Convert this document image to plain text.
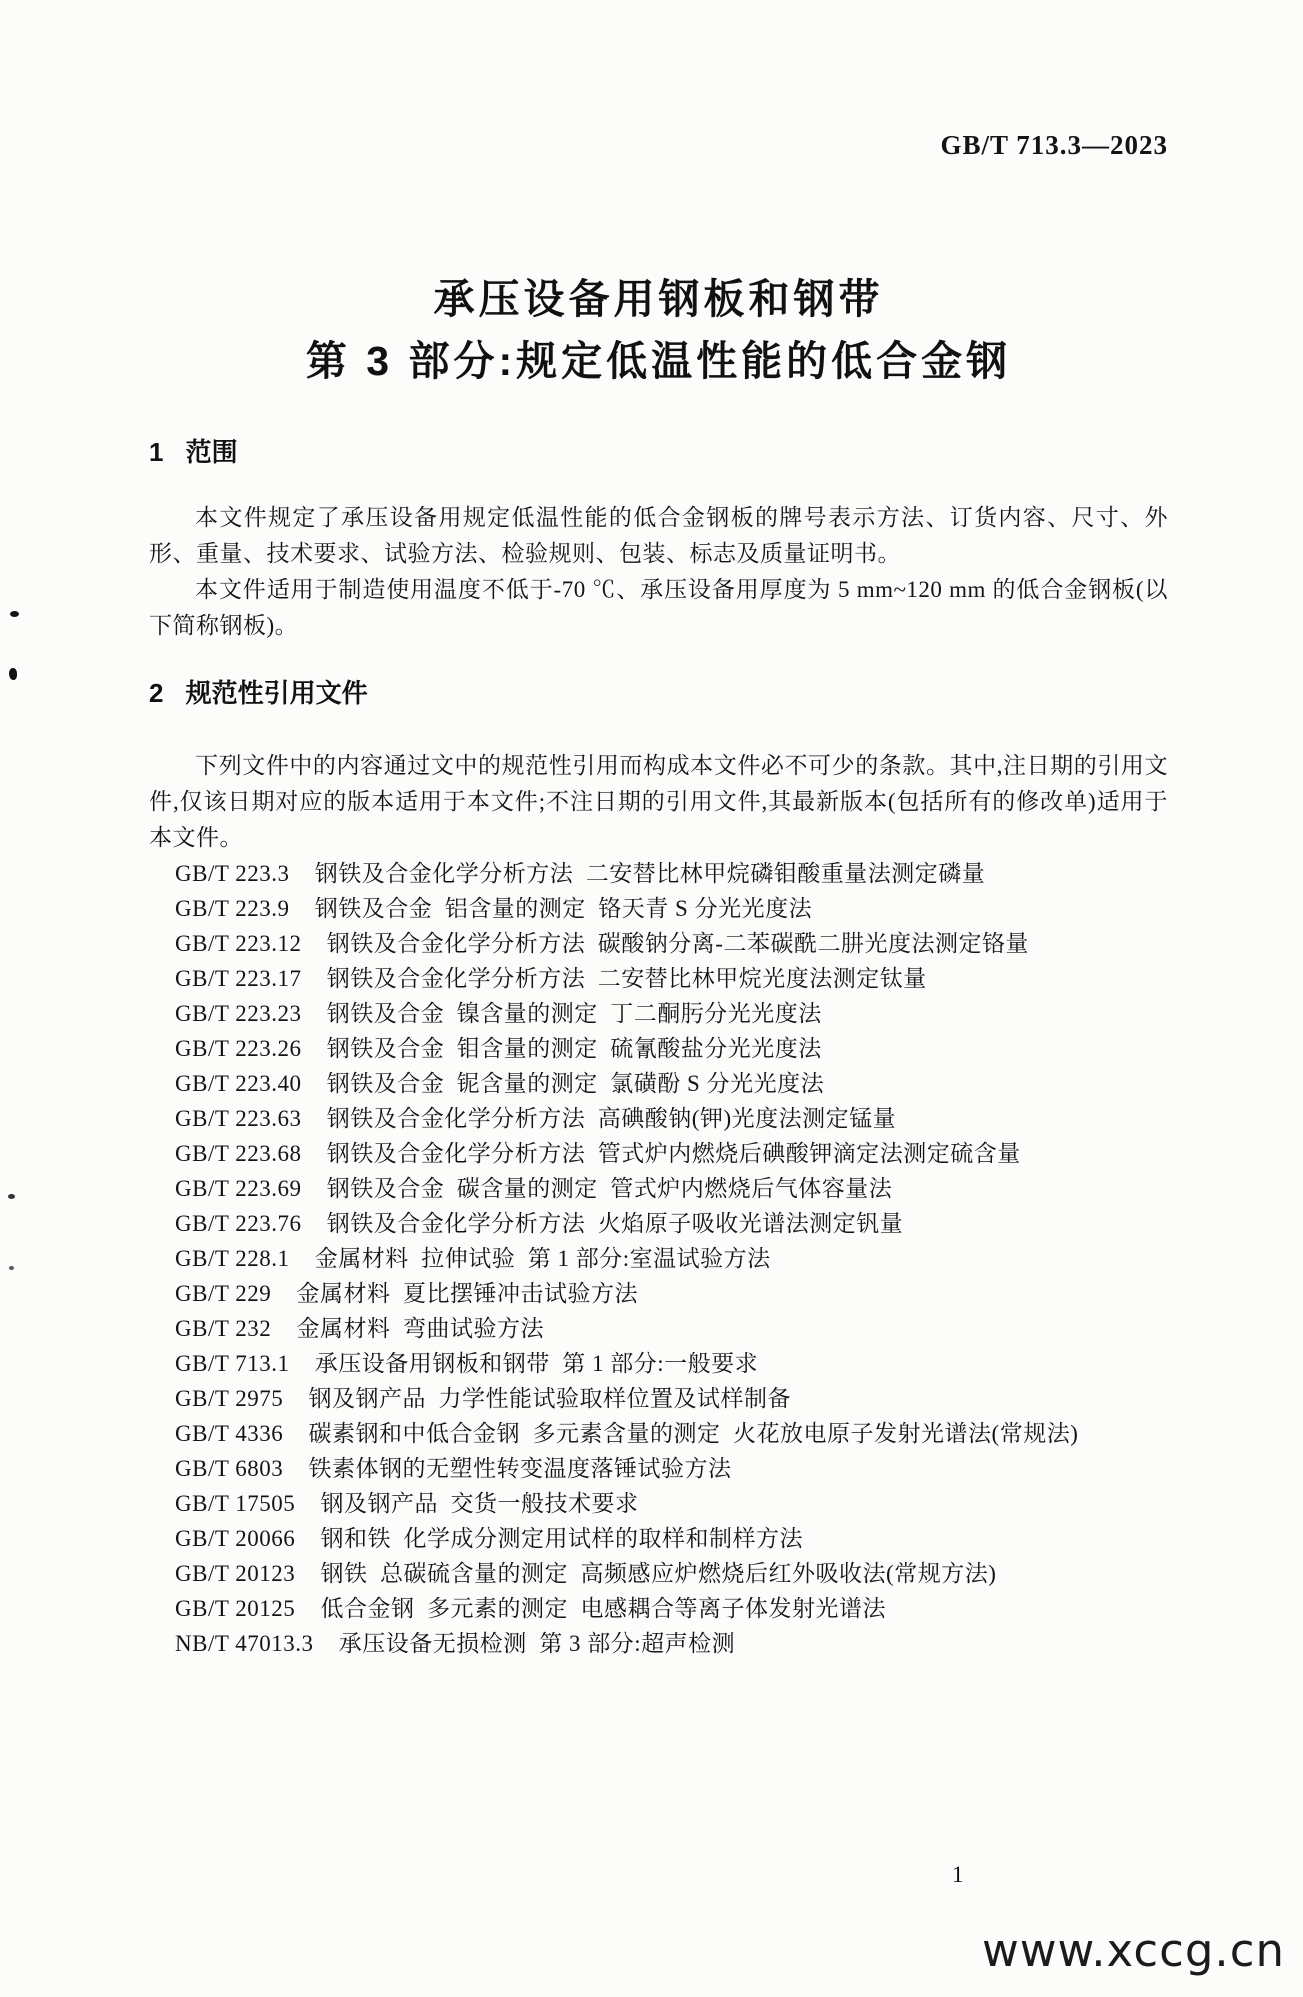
GB/T 713.3—2023
承压设备用钢板和钢带
第 3 部分:规定低温性能的低合金钢
1 范围

本文件规定了承压设备用规定低温性能的低合金钢板的牌号表示方法、订货内容、尺寸、外形、重量、技术要求、试验方法、检验规则、包装、标志及质量证明书。

本文件适用于制造使用温度不低于-70 ℃、承压设备用厚度为 5 mm~120 mm 的低合金钢板(以下简称钢板)。

2 规范性引用文件

下列文件中的内容通过文中的规范性引用而构成本文件必不可少的条款。其中,注日期的引用文件,仅该日期对应的版本适用于本文件;不注日期的引用文件,其最新版本(包括所有的修改单)适用于本文件。

GB/T 223.3 钢铁及合金化学分析方法  二安替比林甲烷磷钼酸重量法测定磷量
GB/T 223.9 钢铁及合金  铝含量的测定  铬天青 S 分光光度法
GB/T 223.12 钢铁及合金化学分析方法  碳酸钠分离-二苯碳酰二肼光度法测定铬量
GB/T 223.17 钢铁及合金化学分析方法  二安替比林甲烷光度法测定钛量
GB/T 223.23 钢铁及合金  镍含量的测定  丁二酮肟分光光度法
GB/T 223.26 钢铁及合金  钼含量的测定  硫氰酸盐分光光度法
GB/T 223.40 钢铁及合金  铌含量的测定  氯磺酚 S 分光光度法
GB/T 223.63 钢铁及合金化学分析方法  高碘酸钠(钾)光度法测定锰量
GB/T 223.68 钢铁及合金化学分析方法  管式炉内燃烧后碘酸钾滴定法测定硫含量
GB/T 223.69 钢铁及合金  碳含量的测定  管式炉内燃烧后气体容量法
GB/T 223.76 钢铁及合金化学分析方法  火焰原子吸收光谱法测定钒量
GB/T 228.1 金属材料  拉伸试验  第 1 部分:室温试验方法
GB/T 229 金属材料  夏比摆锤冲击试验方法
GB/T 232 金属材料  弯曲试验方法
GB/T 713.1 承压设备用钢板和钢带  第 1 部分:一般要求
GB/T 2975 钢及钢产品  力学性能试验取样位置及试样制备
GB/T 4336 碳素钢和中低合金钢  多元素含量的测定  火花放电原子发射光谱法(常规法)
GB/T 6803 铁素体钢的无塑性转变温度落锤试验方法
GB/T 17505 钢及钢产品  交货一般技术要求
GB/T 20066 钢和铁  化学成分测定用试样的取样和制样方法
GB/T 20123 钢铁  总碳硫含量的测定  高频感应炉燃烧后红外吸收法(常规方法)
GB/T 20125 低合金钢  多元素的测定  电感耦合等离子体发射光谱法
NB/T 47013.3 承压设备无损检测  第 3 部分:超声检测
1
www.xccg.cn
